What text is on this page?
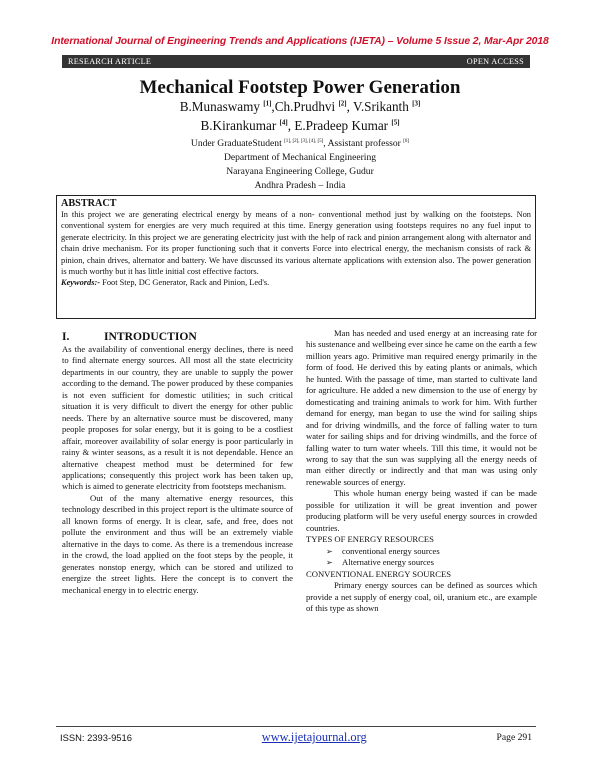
International Journal of Engineering Trends and Applications (IJETA) – Volume 5 Issue 2, Mar-Apr 2018
RESEARCH ARTICLE	OPEN ACCESS
Mechanical Footstep Power Generation
B.Munaswamy [1],Ch.Prudhvi [2], V.Srikanth [3]
B.Kirankumar [4], E.Pradeep Kumar [5]
Under GraduateStudent [1], [2], [3], [4], [5], Assistant professor [6]
Department of Mechanical Engineering
Narayana Engineering College, Gudur
Andhra Pradesh – India
ABSTRACT
In this project we are generating electrical energy by means of a non- conventional method just by walking on the footsteps. Non conventional system for energies are very much required at this time. Energy generation using footsteps requires no any fuel input to generate electricity. In this project we are generating electricity just with the help of rack and pinion arrangement along with alternator and chain drive mechanism. For its proper functioning such that it converts Force into electrical energy, the mechanism consists of rack & pinion, chain drives, alternator and battery. We have discussed its various alternate applications with extension also. The power generation is much worthy but it has little initial cost effective factors.
Keywords:- Foot Step, DC Generator, Rack and Pinion, Led's.
I.	INTRODUCTION

As the availability of conventional energy declines, there is need to find alternate energy sources. All most all the state electricity departments in our country, they are unable to supply the power according to the demand. The power produced by these companies is not even sufficient for domestic utilities; in such critical situation it is very difficult to divert the energy for other public needs. There by an alternative source must be discovered, many people proposes for solar energy, but it is going to be a costliest affair, moreover availability of solar energy is poor particularly in rainy & winter seasons, as a result it is not dependable. Hence an alternative cheapest method must be determined for few applications; consequently this project work has been taken up, which is aimed to generate electricity from footsteps mechanism.

Out of the many alternative energy resources, this technology described in this project report is the ultimate source of all known forms of energy. It is clear, safe, and free, does not pollute the environment and thus will be an extremely viable alternative in the days to come. As there is a tremendous increase in the crowd, the load applied on the foot steps by the people, it generates nonstop energy, which can be stored and utilized to energize the street lights. Here the concept is to convert the mechanical energy in to electric energy.

Man has needed and used energy at an increasing rate for his sustenance and wellbeing ever since he came on the earth a few million years ago. Primitive man required energy primarily in the form of food. He derived this by eating plants or animals, which he hunted. With the passage of time, man started to cultivate land for agriculture. He added a new dimension to the use of energy by domesticating and training animals to work for him. With further demand for energy, man began to use the wind for sailing ships and for driving windmills, and the force of falling water to turn water for sailing ships and for driving windmills, and the force of falling water to turn water wheels. Till this time, it would not be wrong to say that the sun was supplying all the energy needs of man either directly or indirectly and that man was using only renewable sources of energy.

This whole human energy being wasted if can be made possible for utilization it will be great invention and power producing platform will be very useful energy sources in crowded countries.

TYPES OF ENERGY RESOURCES
➢ conventional energy sources
➢ Alternative energy sources
CONVENTIONAL ENERGY SOURCES

Primary energy sources can be defined as sources which provide a net supply of energy coal, oil, uranium etc., are example of this type as shown

ISSN: 2393-9516	www.ijetajournal.org	Page 291
